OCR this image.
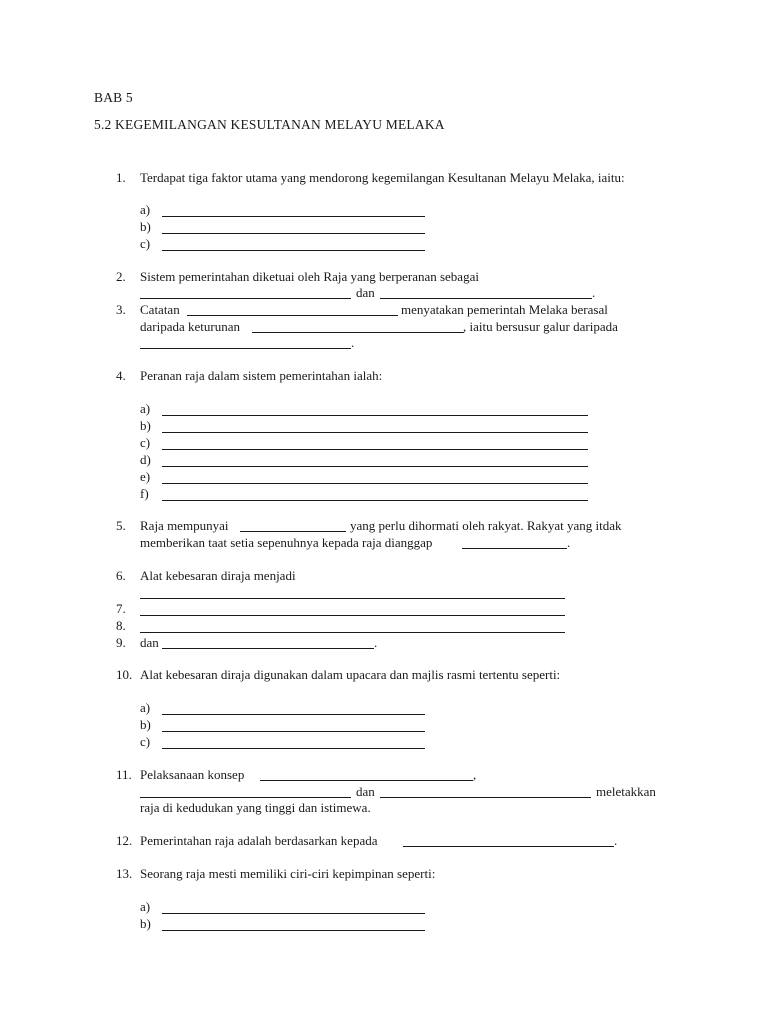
BAB 5
5.2 KEGEMILANGAN KESULTANAN MELAYU MELAKA
1. Terdapat tiga faktor utama yang mendorong kegemilangan Kesultanan Melayu Melaka, iaitu:
a)
b)
c)
2. Sistem pemerintahan diketuai oleh Raja yang berperanan sebagai
dan	.
3. Catatan	menyatakan pemerintah Melaka berasal
daripada keturunan	, iaitu bersusur galur daripada
.
4. Peranan raja dalam sistem pemerintahan ialah:
a)
b)
c)
d)
e)
f)
5. Raja mempunyai	yang perlu dihormati oleh rakyat. Rakyat yang itdak
memberikan taat setia sepenuhnya kepada raja dianggap	.
6. Alat kebesaran diraja menjadi
7.
8.
9. dan	.
10. Alat kebesaran diraja digunakan dalam upacara dan majlis rasmi tertentu seperti:
a)
b)
c)
11. Pelaksanaan konsep	,
dan	meletakkan
raja di kedudukan yang tinggi dan istimewa.
12. Pemerintahan raja adalah berdasarkan kepada	.
13. Seorang raja mesti memiliki ciri-ciri kepimpinan seperti:
a)
b)
